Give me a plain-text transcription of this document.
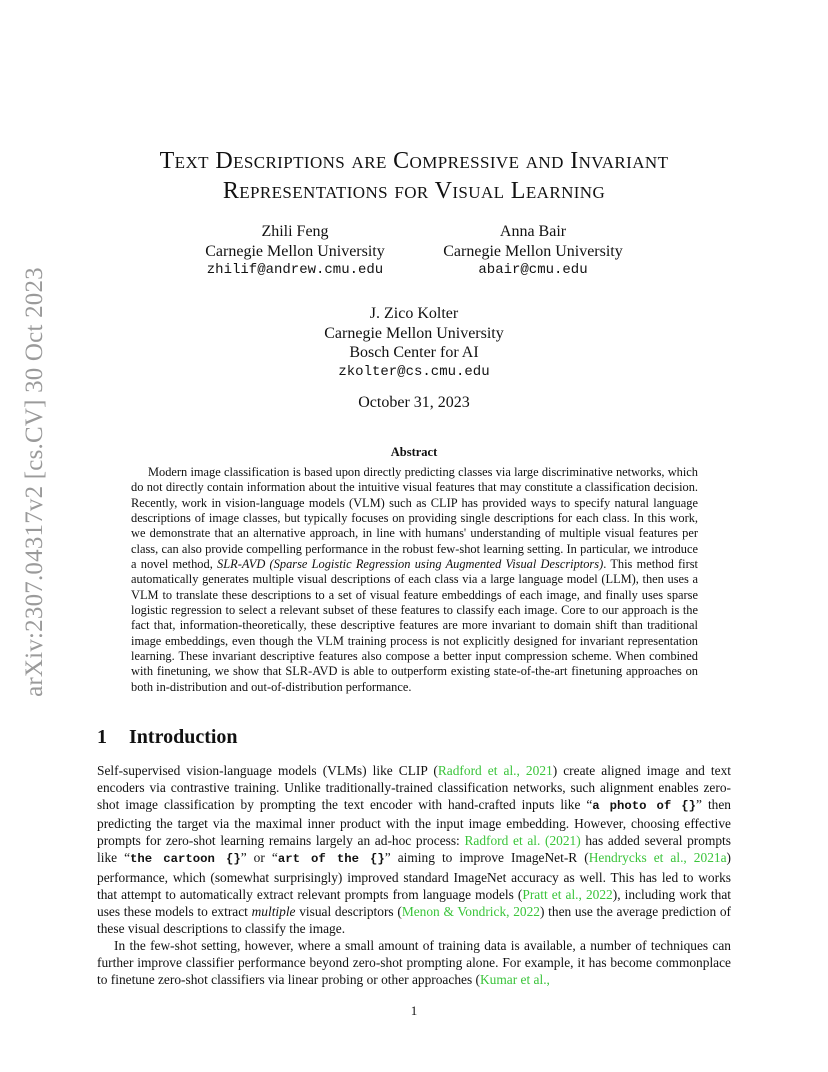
arXiv:2307.04317v2 [cs.CV] 30 Oct 2023
Text Descriptions are Compressive and Invariant
Representations for Visual Learning
Zhili Feng
Carnegie Mellon University
zhilif@andrew.cmu.edu
Anna Bair
Carnegie Mellon University
abair@cmu.edu
J. Zico Kolter
Carnegie Mellon University
Bosch Center for AI
zkolter@cs.cmu.edu
October 31, 2023
Abstract

Modern image classification is based upon directly predicting classes via large discriminative networks, which do not directly contain information about the intuitive visual features that may constitute a classification decision. Recently, work in vision-language models (VLM) such as CLIP has provided ways to specify natural language descriptions of image classes, but typically focuses on providing single descriptions for each class. In this work, we demonstrate that an alternative approach, in line with humans' understanding of multiple visual features per class, can also provide compelling performance in the robust few-shot learning setting. In particular, we introduce a novel method, SLR-AVD (Sparse Logistic Regression using Augmented Visual Descriptors). This method first automatically generates multiple visual descriptions of each class via a large language model (LLM), then uses a VLM to translate these descriptions to a set of visual feature embeddings of each image, and finally uses sparse logistic regression to select a relevant subset of these features to classify each image. Core to our approach is the fact that, information-theoretically, these descriptive features are more invariant to domain shift than traditional image embeddings, even though the VLM training process is not explicitly designed for invariant representation learning. These invariant descriptive features also compose a better input compression scheme. When combined with finetuning, we show that SLR-AVD is able to outperform existing state-of-the-art finetuning approaches on both in-distribution and out-of-distribution performance.

1 Introduction

Self-supervised vision-language models (VLMs) like CLIP (Radford et al., 2021) create aligned image and text encoders via contrastive training. Unlike traditionally-trained classification networks, such alignment enables zero-shot image classification by prompting the text encoder with hand-crafted inputs like “a photo of {}” then predicting the target via the maximal inner product with the input image embedding. However, choosing effective prompts for zero-shot learning remains largely an ad-hoc process: Radford et al. (2021) has added several prompts like “the cartoon {}” or “art of the {}” aiming to improve ImageNet-R (Hendrycks et al., 2021a) performance, which (somewhat surprisingly) improved standard ImageNet accuracy as well. This has led to works that attempt to automatically extract relevant prompts from language models (Pratt et al., 2022), including work that uses these models to extract multiple visual descriptors (Menon & Vondrick, 2022) then use the average prediction of these visual descriptions to classify the image.

In the few-shot setting, however, where a small amount of training data is available, a number of techniques can further improve classifier performance beyond zero-shot prompting alone. For example, it has become commonplace to finetune zero-shot classifiers via linear probing or other approaches (Kumar et al.,

1
